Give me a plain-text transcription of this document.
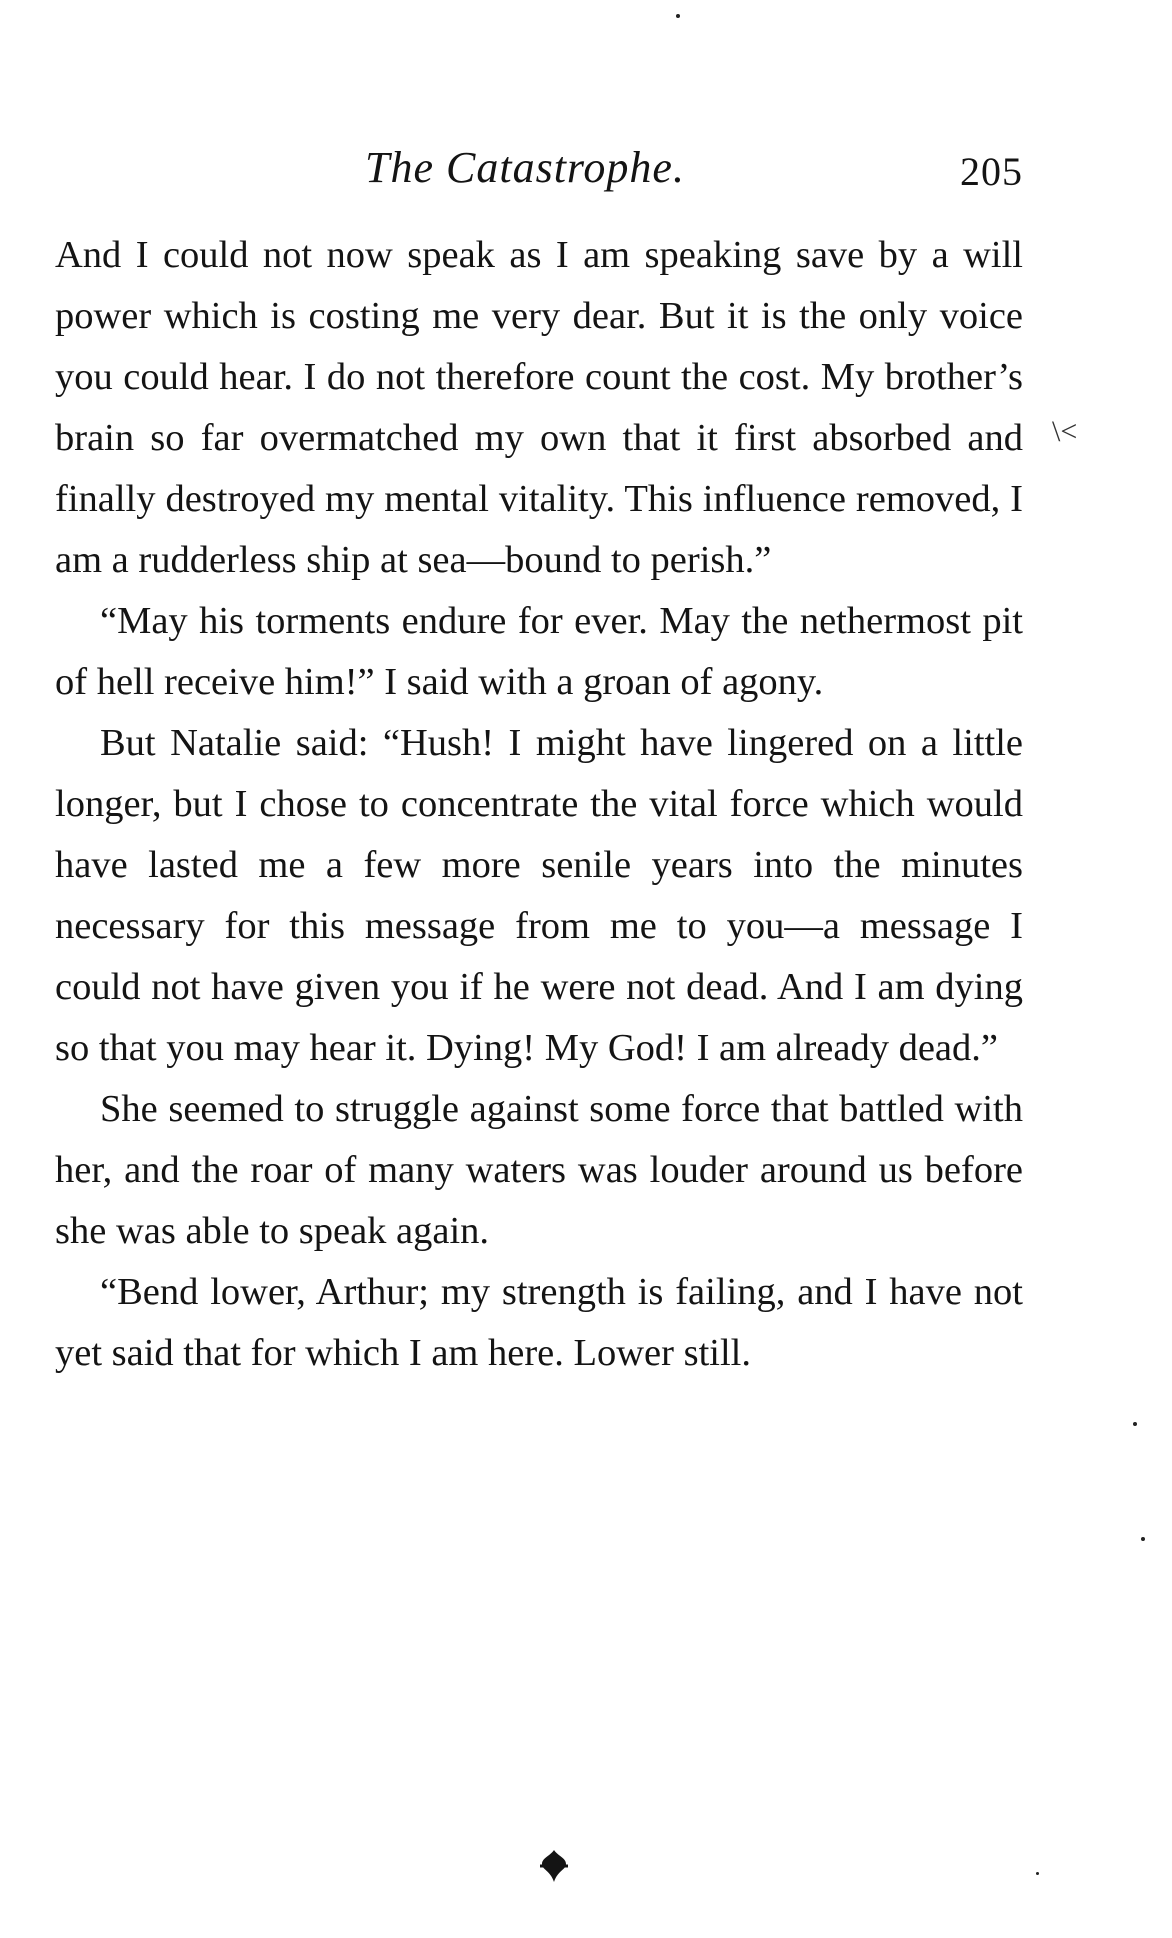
The Catastrophe.	205

And I could not now speak as I am speaking save by a will power which is costing me very dear. But it is the only voice you could hear. I do not therefore count the cost. My brother’s brain so far overmatched my own that it first absorbed and finally destroyed my mental vitality. This influence removed, I am a rudderless ship at sea—bound to perish.”

“May his torments endure for ever. May the nethermost pit of hell receive him!” I said with a groan of agony.

But Natalie said: “Hush! I might have lingered on a little longer, but I chose to concentrate the vital force which would have lasted me a few more senile years into the minutes necessary for this message from me to you—a message I could not have given you if he were not dead. And I am dying so that you may hear it. Dying! My God! I am already dead.”

She seemed to struggle against some force that battled with her, and the roar of many waters was louder around us before she was able to speak again.

“Bend lower, Arthur; my strength is failing, and I have not yet said that for which I am here. Lower still.

\<
